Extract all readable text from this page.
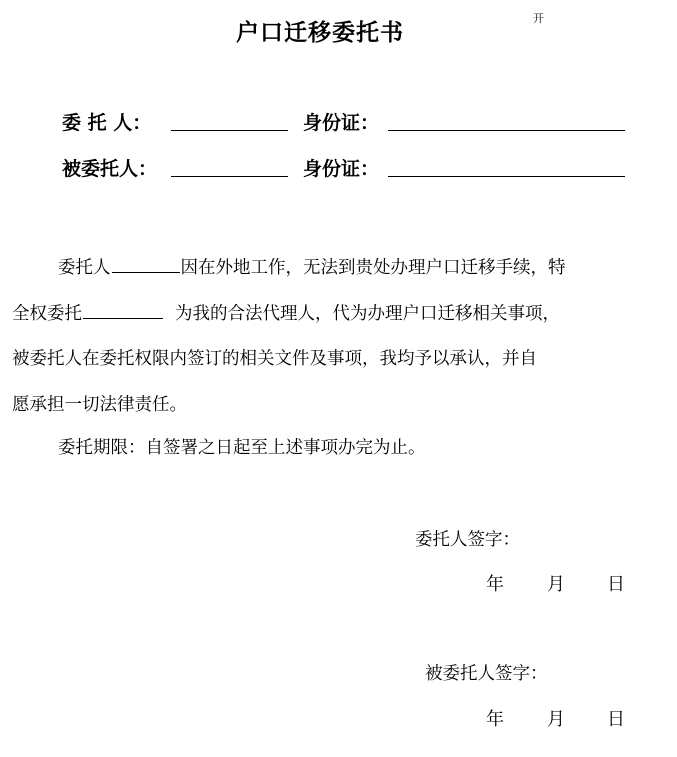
户口迁移委托书
开
委 托 人：	身份证：
被委托人：	身份证：
委托人	因在外地工作，无法到贵处办理户口迁移手续，特
全权委托	为我的合法代理人，代为办理户口迁移相关事项，
被委托人在委托权限内签订的相关文件及事项，我均予以承认，并自
愿承担一切法律责任。
委托期限：自签署之日起至上述事项办完为止。
委托人签字：
年 月 日
被委托人签字：
年 月 日
